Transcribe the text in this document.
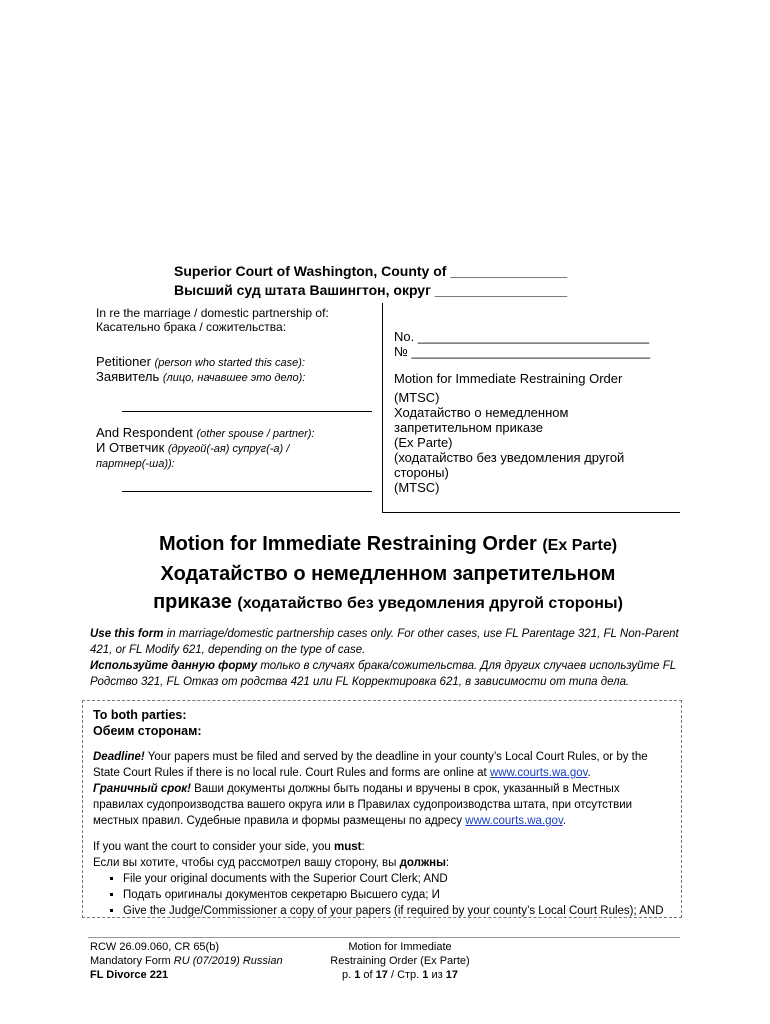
Superior Court of Washington, County of _______________
Высший суд штата Вашингтон, округ _________________
In re the marriage / domestic partnership of:
Касательно брака / сожительства:
Petitioner (person who started this case):
Заявитель (лицо, начавшее это дело):
And Respondent (other spouse / partner):
И Ответчик (другой(-ая) супруг(-а) / партнер(-ша)):
No. ________________________________
№ _________________________________
Motion for Immediate Restraining Order
(MTSC)
Ходатайство о немедленном
запретительном приказе
(Ex Parte)
(ходатайство без уведомления другой
стороны)
(MTSC)
Motion for Immediate Restraining Order (Ex Parte)
Ходатайство о немедленном запретительном
приказе (ходатайство без уведомления другой стороны)
Use this form in marriage/domestic partnership cases only. For other cases, use FL Parentage 321, FL Non-Parent 421, or FL Modify 621, depending on the type of case.
Используйте данную форму только в случаях брака/сожительства. Для других случаев используйте FL Родство 321, FL Отказ от родства 421 или FL Корректировка 621, в зависимости от типа дела.

To both parties:

Обеим сторонам:

Deadline! Your papers must be filed and served by the deadline in your county’s Local Court Rules, or by the State Court Rules if there is no local rule. Court Rules and forms are online at www.courts.wa.gov.

Граничный срок! Ваши документы должны быть поданы и вручены в срок, указанный в Местных правилах судопроизводства вашего округа или в Правилах судопроизводства штата, при отсутствии местных правил. Судебные правила и формы размещены по адресу www.courts.wa.gov.

If you want the court to consider your side, you must:

Если вы хотите, чтобы суд рассмотрел вашу сторону, вы должны:

▪ File your original documents with the Superior Court Clerk; AND
▪ Подать оригиналы документов секретарю Высшего суда; И
▪ Give the Judge/Commissioner a copy of your papers (if required by your county’s Local Court Rules); AND
RCW 26.09.060, CR 65(b)
Mandatory Form RU (07/2019) Russian
FL Divorce 221
Motion for Immediate
Restraining Order (Ex Parte)
p. 1 of 17 / Стр. 1 из 17
